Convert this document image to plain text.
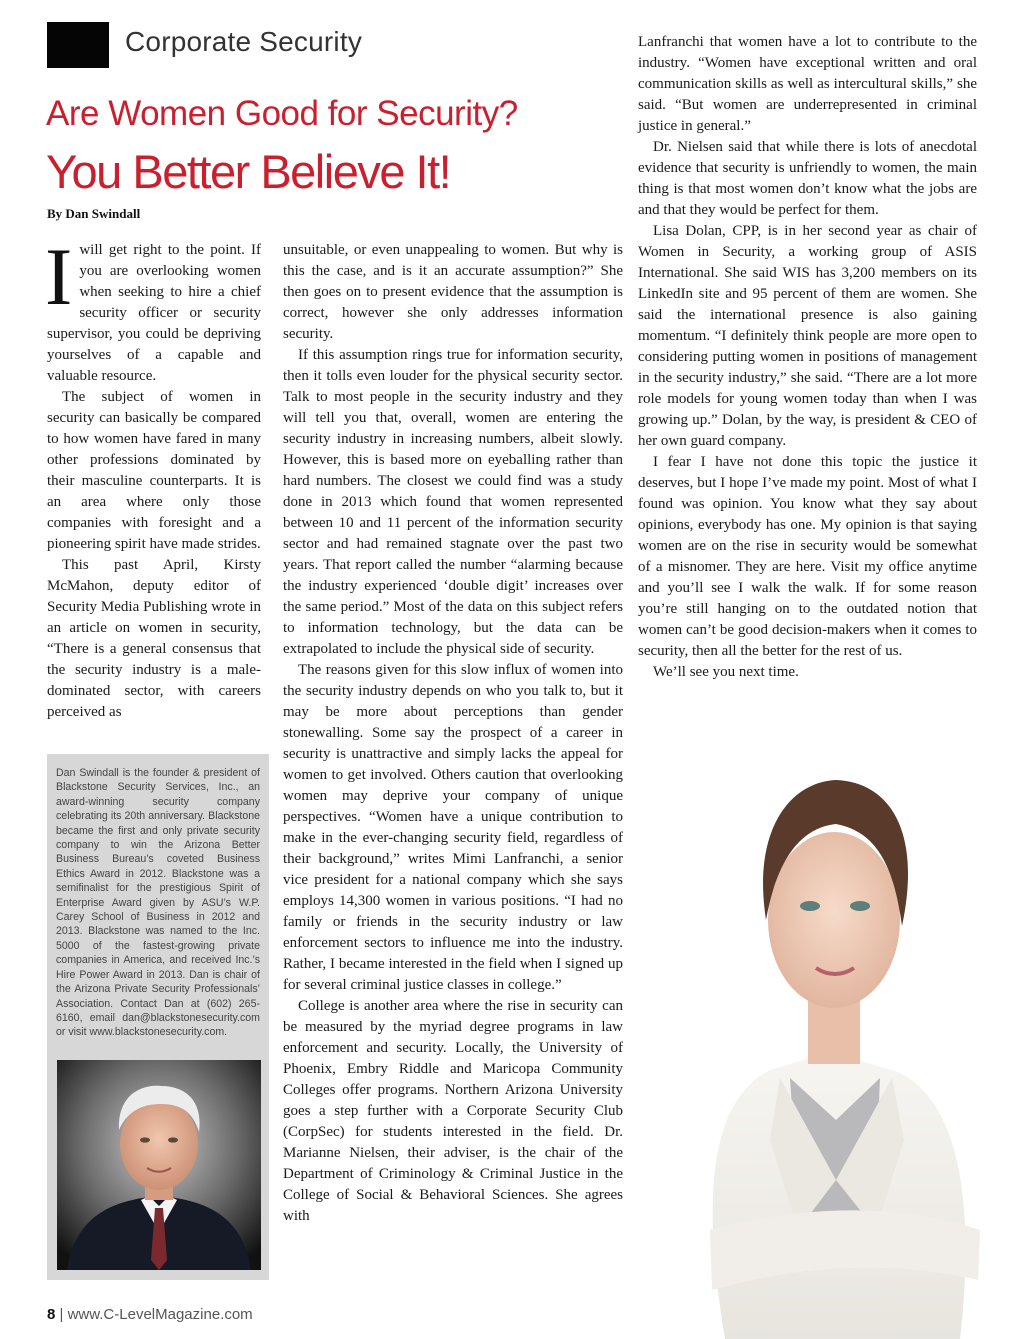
Corporate Security
Are Women Good for Security?
You Better Believe It!
By Dan Swindall

Iwill get right to the point. If you are overlooking women when seeking to hire a chief security officer or security supervisor, you could be depriving yourselves of a capable and valuable resource.

The subject of women in security can basically be compared to how women have fared in many other professions dominated by their masculine counterparts. It is an area where only those companies with foresight and a pioneering spirit have made strides.

This past April, Kirsty McMahon, deputy editor of Security Media Publishing wrote in an article on women in security, “There is a general consensus that the security industry is a male-dominated sector, with careers perceived as

unsuitable, or even unappealing to women. But why is this the case, and is it an accurate assumption?” She then goes on to present evidence that the assumption is correct, however she only addresses information security.

If this assumption rings true for information security, then it tolls even louder for the physical security sector. Talk to most people in the security industry and they will tell you that, overall, women are entering the security industry in increasing numbers, albeit slowly. However, this is based more on eyeballing rather than hard numbers. The closest we could find was a study done in 2013 which found that women represented between 10 and 11 percent of the information security sector and had remained stagnate over the past two years. That report called the number “alarming because the industry experienced ‘double digit’ increases over the same period.” Most of the data on this subject refers to information technology, but the data can be extrapolated to include the physical side of security.

The reasons given for this slow influx of women into the security industry depends on who you talk to, but it may be more about perceptions than gender stonewalling. Some say the prospect of a career in security is unattractive and simply lacks the appeal for women to get involved. Others caution that overlooking women may deprive your company of unique perspectives. “Women have a unique contribution to make in the ever-changing security field, regardless of their background,” writes Mimi Lanfranchi, a senior vice president for a national company which she says employs 14,300 women in various positions. “I had no family or friends in the security industry or law enforcement sectors to influence me into the industry. Rather, I became interested in the field when I signed up for several criminal justice classes in college.”

College is another area where the rise in security can be measured by the myriad degree programs in law enforcement and security. Locally, the University of Phoenix, Embry Riddle and Maricopa Community Colleges offer programs. Northern Arizona University goes a step further with a Corporate Security Club (CorpSec) for students interested in the field. Dr. Marianne Nielsen, their adviser, is the chair of the Department of Criminology & Criminal Justice in the College of Social & Behavioral Sciences. She agrees with

Lanfranchi that women have a lot to contribute to the industry. “Women have exceptional written and oral communication skills as well as intercultural skills,” she said. “But women are underrepresented in criminal justice in general.”

Dr. Nielsen said that while there is lots of anecdotal evidence that security is unfriendly to women, the main thing is that most women don’t know what the jobs are and that they would be perfect for them.

Lisa Dolan, CPP, is in her second year as chair of Women in Security, a working group of ASIS International. She said WIS has 3,200 members on its LinkedIn site and 95 percent of them are women. She said the international presence is also gaining momentum. “I definitely think people are more open to considering putting women in positions of management in the security industry,” she said. “There are a lot more role models for young women today than when I was growing up.” Dolan, by the way, is president & CEO of her own guard company.

I fear I have not done this topic the justice it deserves, but I hope I’ve made my point. Most of what I found was opinion. You know what they say about opinions, everybody has one. My opinion is that saying women are on the rise in security would be somewhat of a misnomer. They are here. Visit my office anytime and you’ll see I walk the walk. If for some reason you’re still hanging on to the outdated notion that women can’t be good decision-makers when it comes to security, then all the better for the rest of us.

We’ll see you next time.

Dan Swindall is the founder & president of Blackstone Security Services, Inc., an award-winning security company celebrating its 20th anniversary. Blackstone became the first and only private security company to win the Arizona Better Business Bureau’s coveted Business Ethics Award in 2012. Blackstone was a semifinalist for the prestigious Spirit of Enterprise Award given by ASU’s W.P. Carey School of Business in 2012 and 2013. Blackstone was named to the Inc. 5000 of the fastest-growing private companies in America, and received Inc.’s Hire Power Award in 2013. Dan is chair of the Arizona Private Security Professionals’ Association. Contact Dan at (602) 265-6160, email dan@blackstonesecurity.com or visit www.blackstonesecurity.com.

8 | www.C-LevelMagazine.com
